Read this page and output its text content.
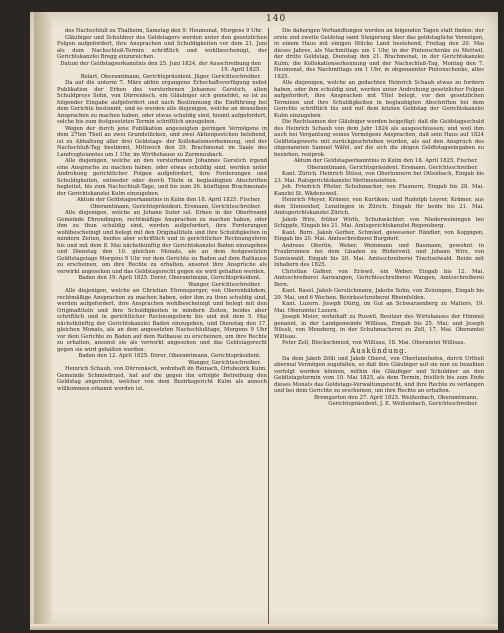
140

des Nachschluß zu Thalheim, Samstag den 9. Heumonat, Morgens 9 Uhr.

Gläubiger und Schuldner des Geldstagers werden unter den gesetzlichen Folgen aufgefordert, ihre Ansprachen und Schuldigkeiten vor dem 21. Juni als dem Nachschluß-Termin schriftlich und wohlbescheinigt, der Gerichtskanzlei Bregg einzureichen.

Datum der Geldstagserkanntnis den 25. Juni 1824, der Ausschreibung den 19. April 1825.

Belart, Oberamtmann, Gerichtspräsident. Jäger, Gerichtsschreiber.

Da auf die unterm 7. März abhin ergangene Erbschaftsverfügung nebst Publikation der Erben des verstorbenen Johannes Gerstich, alten Schuldpreys Sohn, von Dürrenäsch, ein Gläubiger sich gemeldet, so ist zu folgender Eingabe aufgefordert und nach Bestimmung die Einführung bei dem Gerichte bestimmt, und es werden alle diejenigen, welche an denselben Ansprachen zu machen haben, oder etwas schuldig sind, hiemit aufgefordert, solche bis zum festgesetzten Termin schriftlich anzugeben.

Wegen der durch jene Publikation angezeigten geringen Vermögens in dem 27ten Theil an zwei Grundstücken, und zwei Aktienpostchen belebend, ist zu Abhaltung aller drei Geldstags- der Kollokationserkennung, und der Nachschluß-Tag bestimmt, Mittwoch den 29. Brachmonat im Saale des Landvogteiamtes um 1 Uhr, im Wirthshause zu Zurmnusbach.

Alle diejenigen, welche an den verstorbenen Johannes Gerstich irgend eine Ansprache zu machen haben, oder etwas schuldig sind, werden unter Androhung gerichtlicher Folgen aufgefordert, ihre Forderungen und Schuldigkeiten, entweder oder durch Titeln in beglaubigten Abschriften begleitet, bis zum Nachschluß-Tage, und bis zum 26. künftigen Brachmonats der Gerichtskanzlei Kulm einzugeben.

Aktum der Geldstagserkanntnis in Kulm den 18. April 1825. Fischer, Oberamtmann, Gerichtspräsident. Ersmann, Gerichtsschreiber.

Alle diejenigen, welche an Johann Suter sel. Erben in der Oberfreamt Gemeinde Ehrendingen, rechtmäßige Ansprachen zu machen haben, oder ihm zu thun schuldig sind, werden aufgefordert, ihre Forderungen wohlbescheinigt und belegt mit den Originaltiteln und ihre Schuldigkeiten in mindern Zeiten, beides aber schriftlich und in gerichtlicher Rechnungsform bis und mit dem 8. Mai nächstkünftig der Gerichtskanzlei Baden einzugeben und Dienstag den 10. gleichen Monats, als an dem festgesetzten Geldtstagstage Morgens 9 Uhr vor dem Gerichte zu Baden auf dem Rathause zu erscheinen, um ihre Rechte zu erhalten, ansonst ihre Ansprüche als verwirkt angesehen und das Geldstagsrecht gegen sie wird gehalten werden.

Baden den 19. April 1825. Dorer, Oberamtmann, Gerichtspräsident. Wanger, Gerichtsschreiber.

Alle diejenigen, welche an Christian Ehrensperger, von Oberenbähdem, rechtmäßige Ansprachen zu machen haben, oder ihm zu thun schuldig sind, werden aufgefordert, ihre Ansprachen wohlbescheinigt und belegt mit den Originaltiteln und ihre Schuldigkeiten in mindern Zeiten, beides aber schriftlich und in gerichtlicher Rechnungsform bis und mit dem 5. Mai nächstkünftig der Gerichtskanzlei Baden einzugeben, und Dienstag den 17. gleichen Monats, als an dem angesetzten Nachschlußtage, Morgens 9 Uhr vor dem Gerichte zu Baden auf dem Rathause zu erscheinen, um ihre Rechte zu erhalten, ansonst sie als verwirkt angesehen und das Geldstagsrecht gegen sie wird gehalten werden.

Baden den 12. April 1825. Dorer, Oberamtmann, Gerichtspräsident. Wanger, Gerichtsschreiber.

Heinrich Schaub, von Dürrenäsch, wohnhaft im Reinach, Ortsbezirk Kulm, Gemeinde Schmiedrued, hat auf die gegen ihn erfolgte Betreibung den Geldstag angerufen, welcher von dem Bezirksgericht Kulm als annoch willkommen erkannt worden ist.

Die daherigen Verhandlungen werden an folgenden Tagen statt finden: der erste und zweite Geldstag samt Steigerung über das geldstagliche Vermögen, in einem Haus mit einigen Stücke Land bestehend, Freitag den 20. Mai dieses Jahres, als Nachmittags um 1 Uhr, in der Pintenschenke zu Mettwil, der dritte Geldstag, Dienstag den 21. Brachmonat, in der Gerichtskanzlei Kulm; die Kollokationserkennung und der Nachschluß-Tag, Montag den 7. Heumonat, des Nachmittags um 1 Uhr, in obgenannter Pintenschenke, alles 1825.

Alle diejenigen, welche an gedachten Heinrich Schaub etwas zu fordern haben, oder ihm schuldig sind, werden unter Androhung gesetzlicher Folgen aufgefordert, ihre Ansprachen mit Titel belegt, vor den gesetzlichen Terminen und ihre Schuldigkeiten in beglaubigten Abschriften bei dem Gerichte schriftlich bis und mit dem letzten Geldstag der Gerichtskanzlei Kulm einzugeben.

Die Rechtsamen der Gläubiger werden beigefügt: daß die Geldstagsschuld des Heinrich Schaub von dem Jahr 1824 als ausgeschlossen; und weil ihm auch bei Vergantung seines Vermögens Ansprachen, daß sein Haus auf 1824 Geldtstagswerts mit zurückgeschrieben wurden, als auf den Anspruch des obgenannten Samuel Wäfel, auf die sich die obigen Geldtstagseingaben zu beziehen, reziprok.

Aktum der Geldstagserkanntnis in Kulm den 18. April 1825. Fischer, Oberamtmann, Gerichtspräsident. Ersmann, Gerichtsschreiber.

Kant. Zürich. Heinrich Stüssi, von Oberlunnern bei Ottenbach, Eingab bis 23. Mai. Ratsgerichtskanzlei Mettmenstetten.

Joh. Friedrich Pfister, Schuhmacher, von Flaunern, Eingab bis 28. Mai. Kanzlei St. Wädensweil.

Heinrich Meyer, Krämer, von Kurtikon; und Rudolph Leyrer, Krämer, aus dem Steinenhof, Lenzlingen in Zürich. Eingab für beide bis 21. Mai. Amtsgerichtskanzlei Zürich.

Jakob Wirz, früher Wirth, Schuhwächter, von Niederweiningen bei Schippfe, Eingab bis 21. Mai. Amtsgerichtskanzlei Regensberg.

Kant. Bern. Jakob Gerber, Schmied, gewesener Händler, von Koppigen, Eingab bis 20. Mai. Amtsschreiberei Burgdorf.

Andreas Oberlin, Weber, Weinmann und Baumann, gewohnt in Fraubrunnen bei dem Gnaden zu Rüderswil; und Johann Wirz, von Sumiswald, Eingab bis 20. Mai. Amtsschreiberei Trachselwald. Beide mit Inhabern des 1825.

Christian Gafner, von Eriswil, ein Weber. Eingab bis 12. Mai. Amtsschreiberei Aarwangen, Gerichtsschreiberei Wangen, Amtsschreiberei Bern.

Kant. Basel. Jakob Gerstichmann, Jakobs Sohn, von Zeiningen, Eingab bis 20. Mai, und 6 Wochen. Bezirksschreiberei Rheinfelden.

Kant. Luzern. Joseph Dürig, im Gut an Schwarzenberg zu Malters, 19. Mai. Oberamtei Luzern.

Joseph Meier, wohnhaft zu Ruswil, Besitzer des Wirtshauses der Himmel genannt, in der Landgemeinde Willisau, Eingab bis 25. Mai; und Joseph Nüssli, von Menzberg, in der Schuhmacherei zu Zell, 17. Mai. Oberamtei Willisau.

Peter Zell, Blockschmied, von Willisau, 18. Mai. Oberamtei Willisau.

Auskündung.

Da dem Jakob Zölli und Jakob Oberst, von Oberlunnhofen, durch Urtheil abermal Vermögen zugefallen, so daß ihre Gläubiger auf sie nun zu bezahlen verfolgt werden können, mithin die Gläubiger und Schuldner an den Geldtstagstermin vom 10. Mai 1825, als dem Termin, fristlich bis zum Ende dieses Monats das Geldstags-Verwaltungsrecht, und ihre Rechte zu verlangen und bei dem Gerichte zu erscheinen, um ihre Rechte an erhalten.

Bremgarten den 27. April 1825. Weißenbach, Oberamtmann, Gerichtspräsident. J. E. Weißenbach, Gerichtsschreiber.
